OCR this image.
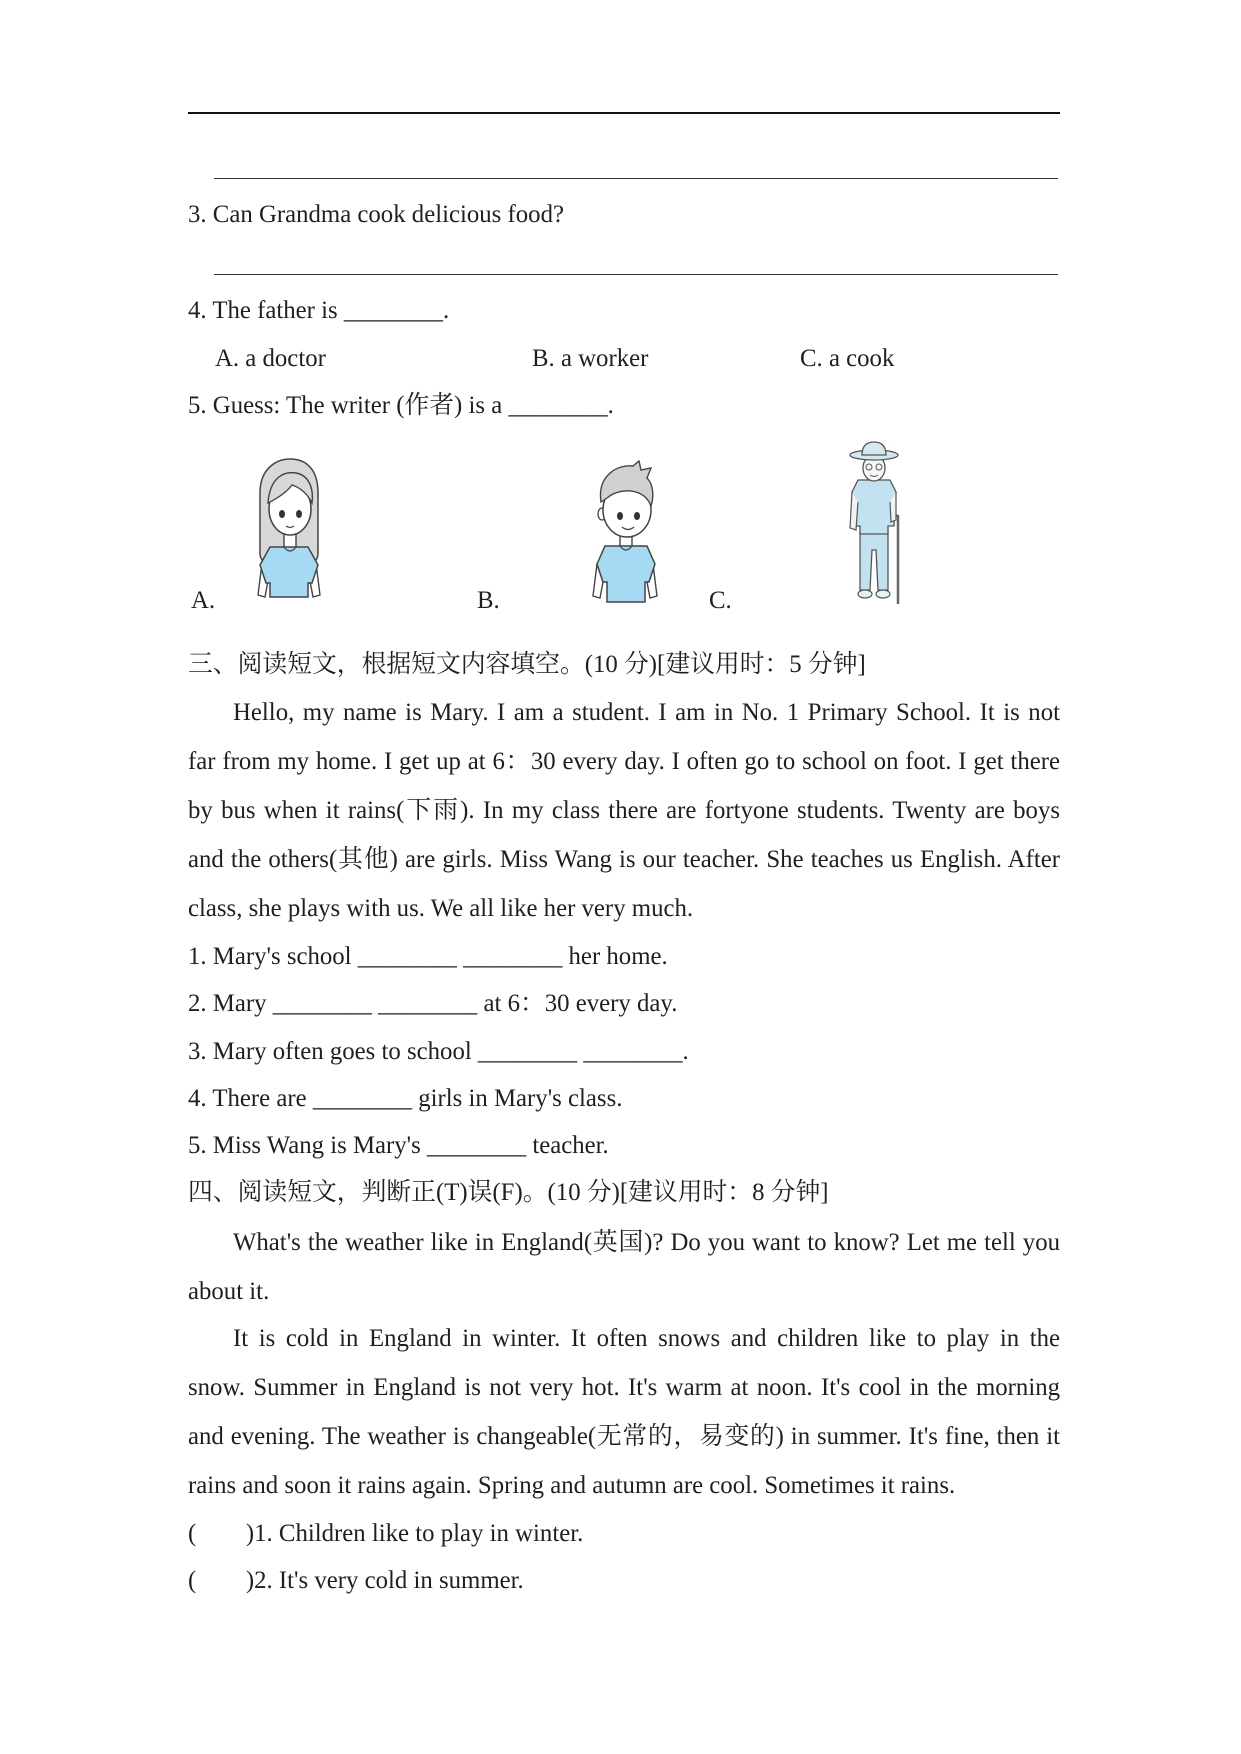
3. Can Grandma cook delicious food?
4. The father is ________.
A. a doctor	B. a worker	C. a cook
5. Guess: The writer (作者) is a ________.
A.	B.	C.
三、阅读短文，根据短文内容填空。(10 分)[建议用时：5 分钟]
Hello, my name is Mary. I am a student. I am in No. 1 Primary School. It is not
far from my home. I get up at 6：30 every day. I often go to school on foot. I get there
by bus when it rains(下雨). In my class there are fortyone students. Twenty are boys
and the others(其他) are girls. Miss Wang is our teacher. She teaches us English. After
class, she plays with us. We all like her very much.
1. Mary's school ________ ________ her home.
2. Mary ________ ________ at 6：30 every day.
3. Mary often goes to school ________ ________.
4. There are ________ girls in Mary's class.
5. Miss Wang is Mary's ________ teacher.
四、阅读短文，判断正(T)误(F)。(10 分)[建议用时：8 分钟]
What's the weather like in England(英国)? Do you want to know? Let me tell you
about it.
It is cold in England in winter. It often snows and children like to play in the
snow. Summer in England is not very hot. It's warm at noon. It's cool in the morning
and evening. The weather is changeable(无常的，易变的) in summer. It's fine, then it
rains and soon it rains again. Spring and autumn are cool. Sometimes it rains.
(        )1. Children like to play in winter.
(        )2. It's very cold in summer.
